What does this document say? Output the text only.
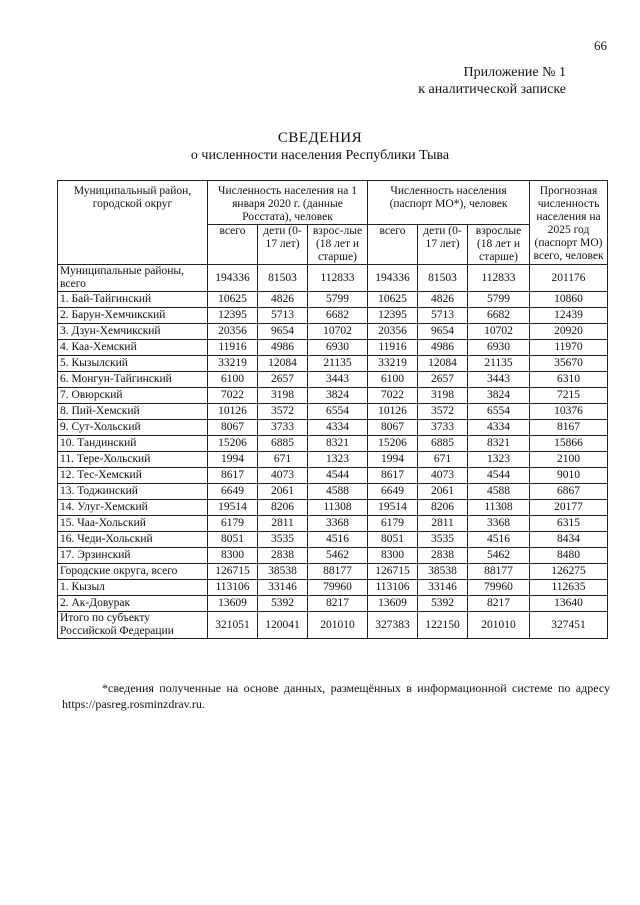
66
Приложение № 1
к аналитической записке
СВЕДЕНИЯ
о численности населения Республики Тыва
Муниципальный район, городской округ	Численность населения на 1 января 2020 г. (данные Росстата), человек			Численность населения (паспорт МО*), человек			Прогнозная численность населения на 2025 год (паспорт МО) всего, человек
	всего	дети (0-17 лет)	взрос-лые (18 лет и старше)	всего	дети (0-17 лет)	взрослые (18 лет и старше)	
Муниципальные районы, всего	194336	81503	112833	194336	81503	112833	201176
1. Бай-Тайгинский	10625	4826	5799	10625	4826	5799	10860
2. Барун-Хемчикский	12395	5713	6682	12395	5713	6682	12439
3. Дзун-Хемчикский	20356	9654	10702	20356	9654	10702	20920
4. Каа-Хемский	11916	4986	6930	11916	4986	6930	11970
5. Кызылский	33219	12084	21135	33219	12084	21135	35670
6. Монгун-Тайгинский	6100	2657	3443	6100	2657	3443	6310
7. Овюрский	7022	3198	3824	7022	3198	3824	7215
8. Пий-Хемский	10126	3572	6554	10126	3572	6554	10376
9. Сут-Хольский	8067	3733	4334	8067	3733	4334	8167
10. Тандинский	15206	6885	8321	15206	6885	8321	15866
11. Тере-Хольский	1994	671	1323	1994	671	1323	2100
12. Тес-Хемский	8617	4073	4544	8617	4073	4544	9010
13. Тоджинский	6649	2061	4588	6649	2061	4588	6867
14. Улуг-Хемский	19514	8206	11308	19514	8206	11308	20177
15. Чаа-Хольский	6179	2811	3368	6179	2811	3368	6315
16. Чеди-Хольский	8051	3535	4516	8051	3535	4516	8434
17. Эрзинский	8300	2838	5462	8300	2838	5462	8480
Городские округа, всего	126715	38538	88177	126715	38538	88177	126275
1. Кызыл	113106	33146	79960	113106	33146	79960	112635
2. Ак-Довурак	13609	5392	8217	13609	5392	8217	13640
Итого по субъекту Российской Федерации	321051	120041	201010	327383	122150	201010	327451
*сведения полученные на основе данных, размещённых в информационной системе по адресу https://pasreg.rosminzdrav.ru.
